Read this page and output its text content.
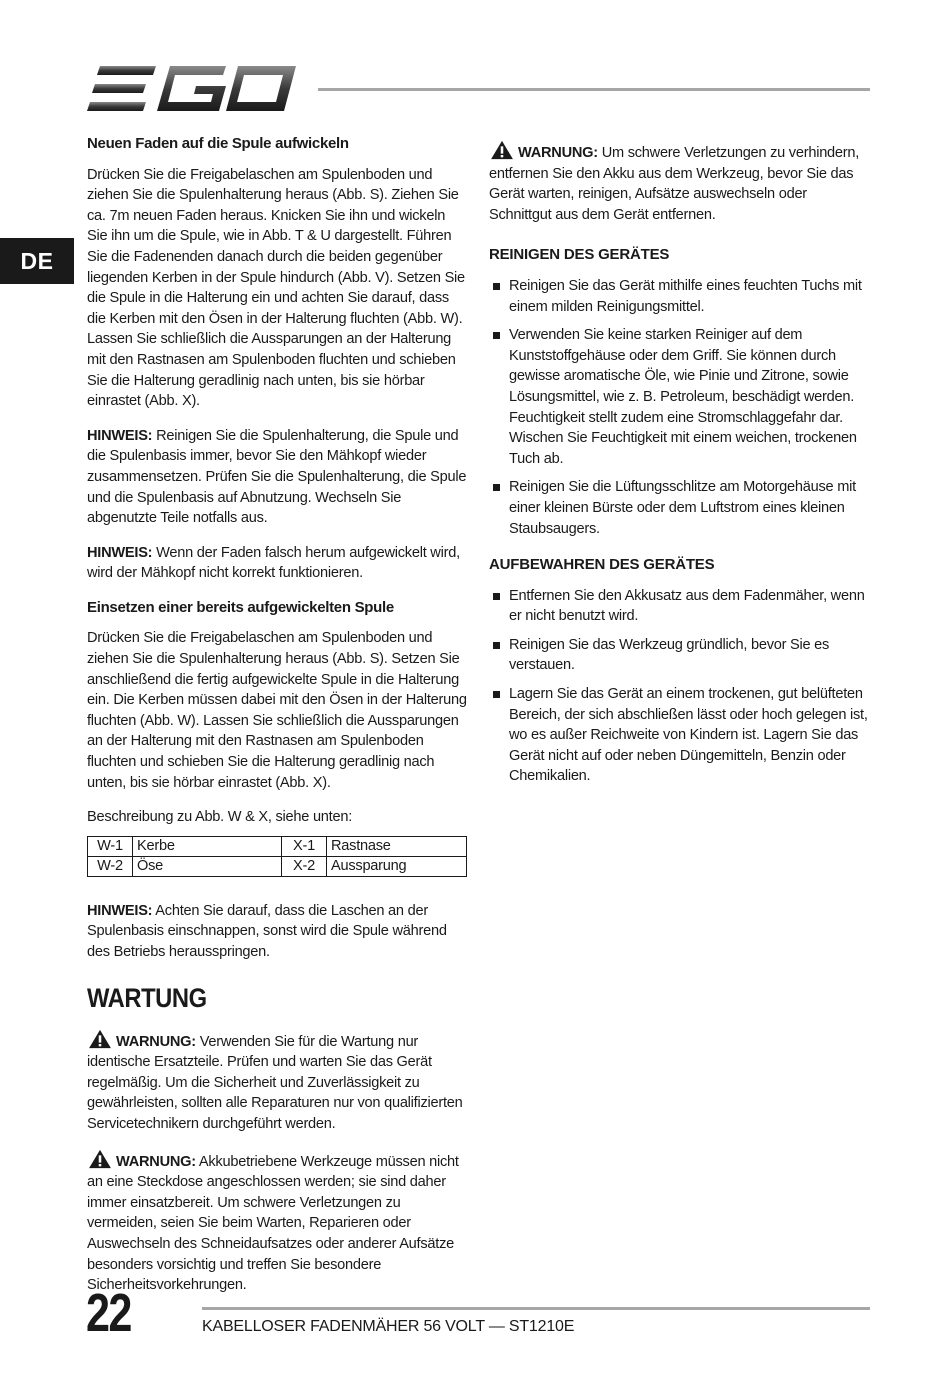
DE
Neuen Faden auf die Spule aufwickeln

Drücken Sie die Freigabelaschen am Spulenboden und ziehen Sie die Spulenhalterung heraus (Abb. S). Ziehen Sie ca. 7m neuen Faden heraus. Knicken Sie ihn und wickeln Sie ihn um die Spule, wie in Abb. T & U dargestellt. Führen Sie die Fadenenden danach durch die beiden gegenüber liegenden Kerben in der Spule hindurch (Abb. V). Setzen Sie die Spule in die Halterung ein und achten Sie darauf, dass die Kerben mit den Ösen in der Halterung fluchten (Abb. W). Lassen Sie schließlich die Aussparungen an der Halterung mit den Rastnasen am Spulenboden fluchten und schieben Sie die Halterung geradlinig nach unten, bis sie hörbar einrastet (Abb. X).

HINWEIS: Reinigen Sie die Spulenhalterung, die Spule und die Spulenbasis immer, bevor Sie den Mähkopf wieder zusammensetzen. Prüfen Sie die Spulenhalterung, die Spule und die Spulenbasis auf Abnutzung. Wechseln Sie abgenutzte Teile notfalls aus.

HINWEIS: Wenn der Faden falsch herum aufgewickelt wird, wird der Mähkopf nicht korrekt funktionieren.

Einsetzen einer bereits aufgewickelten Spule

Drücken Sie die Freigabelaschen am Spulenboden und ziehen Sie die Spulenhalterung heraus (Abb. S). Setzen Sie anschließend die fertig aufgewickelte Spule in die Halterung ein. Die Kerben müssen dabei mit den Ösen in der Halterung fluchten (Abb. W). Lassen Sie schließlich die Aussparungen an der Halterung mit den Rastnasen am Spulenboden fluchten und schieben Sie die Halterung geradlinig nach unten, bis sie hörbar einrastet (Abb. X).

Beschreibung zu Abb. W & X, siehe unten:
W-1	Kerbe	X-1	Rastnase
W-2	Öse	X-2	Aussparung

HINWEIS: Achten Sie darauf, dass die Laschen an der Spulenbasis einschnappen, sonst wird die Spule während des Betriebs herausspringen.

WARTUNG

WARNUNG: Verwenden Sie für die Wartung nur identische Ersatzteile. Prüfen und warten Sie das Gerät regelmäßig. Um die Sicherheit und Zuverlässigkeit zu gewährleisten, sollten alle Reparaturen nur von qualifizierten Servicetechnikern durchgeführt werden.

WARNUNG: Akkubetriebene Werkzeuge müssen nicht an eine Steckdose angeschlossen werden; sie sind daher immer einsatzbereit. Um schwere Verletzungen zu vermeiden, seien Sie beim Warten, Reparieren oder Auswechseln des Schneidaufsatzes oder anderer Aufsätze besonders vorsichtig und treffen Sie besondere Sicherheitsvorkehrungen.

WARNUNG: Um schwere Verletzungen zu verhindern, entfernen Sie den Akku aus dem Werkzeug, bevor Sie das Gerät warten, reinigen, Aufsätze auswechseln oder Schnittgut aus dem Gerät entfernen.

REINIGEN DES GERÄTES
Reinigen Sie das Gerät mithilfe eines feuchten Tuchs mit einem milden Reinigungsmittel.
Verwenden Sie keine starken Reiniger auf dem Kunststoffgehäuse oder dem Griff. Sie können durch gewisse aromatische Öle, wie Pinie und Zitrone, sowie Lösungsmittel, wie z. B. Petroleum, beschädigt werden. Feuchtigkeit stellt zudem eine Stromschlaggefahr dar. Wischen Sie Feuchtigkeit mit einem weichen, trockenen Tuch ab.
Reinigen Sie die Lüftungsschlitze am Motorgehäuse mit einer kleinen Bürste oder dem Luftstrom eines kleinen Staubsaugers.
AUFBEWAHREN DES GERÄTES
Entfernen Sie den Akkusatz aus dem Fadenmäher, wenn er nicht benutzt wird.
Reinigen Sie das Werkzeug gründlich, bevor Sie es verstauen.
Lagern Sie das Gerät an einem trockenen, gut belüfteten Bereich, der sich abschließen lässt oder hoch gelegen ist, wo es außer Reichweite von Kindern ist. Lagern Sie das Gerät nicht auf oder neben Düngemitteln, Benzin oder Chemikalien.
22	KABELLOSER FADENMÄHER 56 VOLT — ST1210E
